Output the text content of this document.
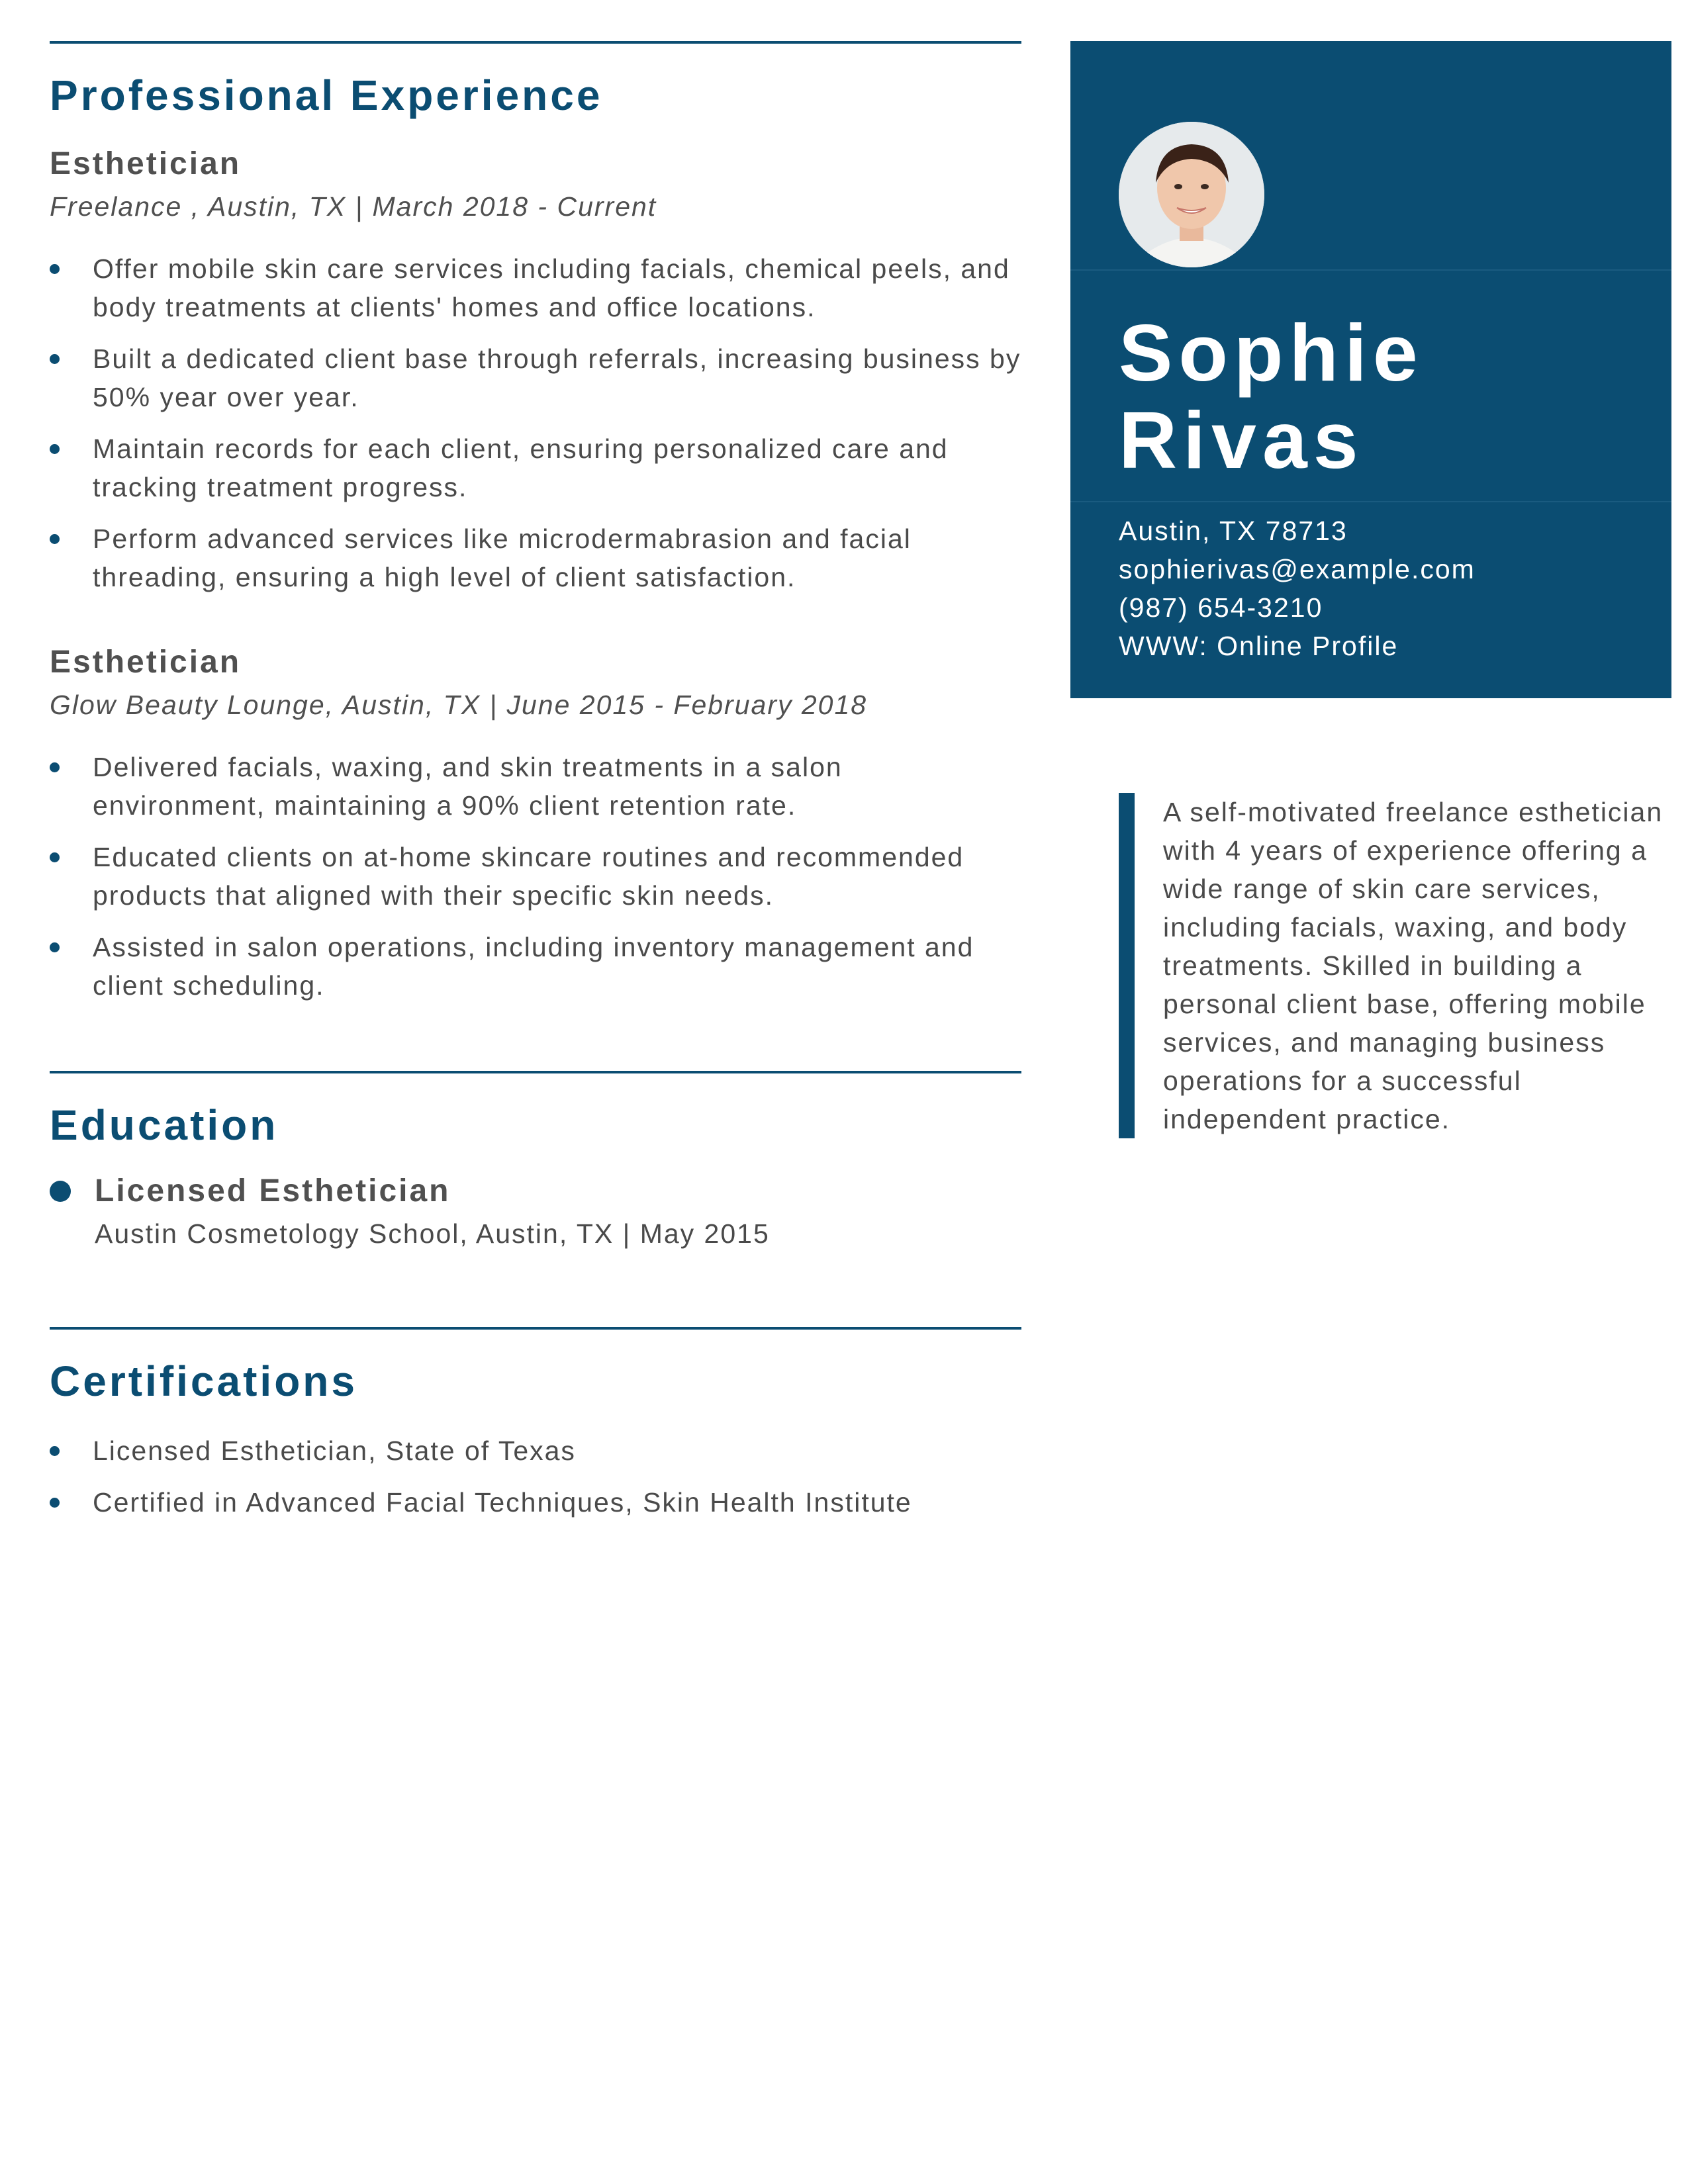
Professional Experience
Esthetician
Freelance , Austin, TX | March 2018 - Current
Offer mobile skin care services including facials, chemical peels, and body treatments at clients' homes and office locations.
Built a dedicated client base through referrals, increasing business by 50% year over year.
Maintain records for each client, ensuring personalized care and tracking treatment progress.
Perform advanced services like microdermabrasion and facial threading, ensuring a high level of client satisfaction.
Esthetician
Glow Beauty Lounge, Austin, TX | June 2015 - February 2018
Delivered facials, waxing, and skin treatments in a salon environment, maintaining a 90% client retention rate.
Educated clients on at-home skincare routines and recommended products that aligned with their specific skin needs.
Assisted in salon operations, including inventory management and client scheduling.
Education
Licensed Esthetician
Austin Cosmetology School, Austin, TX | May 2015
Certifications
Licensed Esthetician, State of Texas
Certified in Advanced Facial Techniques, Skin Health Institute
Sophie
Rivas
Austin, TX 78713
sophierivas@example.com
(987) 654-3210
WWW: Online Profile
A self-motivated freelance esthetician with 4 years of experience offering a wide range of skin care services, including facials, waxing, and body treatments. Skilled in building a personal client base, offering mobile services, and managing business operations for a successful independent practice.
